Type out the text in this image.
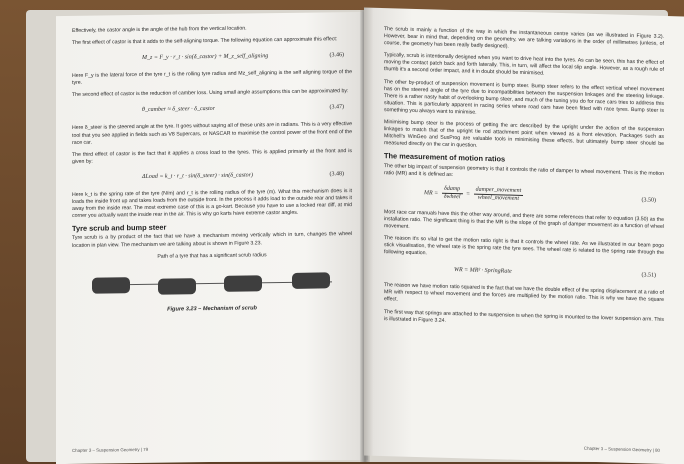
Effectively, the castor angle is the angle of the hub from the vertical location.

The first effect of castor is that it adds to the self-aligning torque. The following equation can approximate this effect:

M_z = F_y · r_t · sin(δ_castor) + M_z_self_aligning	(3.46)

Here F_y is the lateral force of the tyre r_t is the rolling tyre radius and Mz_self_aligning is the self aligning torque of the tyre.

The second effect of castor is the reduction of camber loss. Using small angle assumptions this can be approximated by:

θ_camber ≈ δ_steer · δ_castor	(3.47)

Here δ_steer is the steered angle at the tyre. It goes without saying all of these units are in radians. This is a very effective tool that you see applied in fields such as V8 Supercars, or NASCAR to maximise the control power of the front end of the race car.

The third effect of castor is the fact that it applies a cross load to the tyres. This is applied primarily at the front and is given by:

ΔLoad = k_t · r_t · sin(δ_steer) · sin(δ_castor)	(3.48)

Here k_t is the spring rate of the tyre (N/m) and r_t is the rolling radius of the tyre (m). What this mechanism does is it loads the inside front up and takes loads from the outside front. In the process it adds load to the outside rear and takes it away from the inside rear. The most extreme case of this is a go-kart. Because you have to use a locked rear diff, at mid corner you actually want the inside rear in the air. This is why go karts have extreme castor angles.

Tyre scrub and bump steer

Tyre scrub is a by product of the fact that we have a mechanism moving vertically which in turn, changes the wheel location in plan view. The mechanism we are talking about is shown in Figure 3.23.

Path of a tyre that has a significant scrub radius
Figure 3.23 – Mechanism of scrub
Chapter 3 – Suspension Geometry | 79

The scrub is mainly a function of the way in which the instantaneous centre varies (as we illustrated in Figure 3.2). However, bear in mind that, depending on the geometry, we are talking variations in the order of millimetres (unless, of course, the geometry has been really badly designed).

Typically, scrub is intentionally designed when you want to drive heat into the tyres. As can be seen, this has the effect of moving the contact patch back and forth laterally. This, in turn, will affect the local slip angle. However, as a rough rule of thumb it's a second order impact, and it in doubt should be minimised.

The other by-product of suspension movement is bump steer. Bump steer refers to the effect vertical wheel movement has on the steered angle of the tyre due to incompatibilities between the suspension linkages and the steering linkage. There is a rather nasty habit of overlooking bump steer, and much of the tuning you do for race cars tries to address this situation. This is particularly apparent in racing series where road cars have been fitted with race tyres. Bump steer is something you always want to minimise.

Minimising bump steer is the process of getting the arc described by the upright under the action of the suspension linkages to match that of the upright tie rod attachment point when viewed as a front elevation. Packages such as Mitchell's WinGeo and SusProg are valuable tools in minimising these effects, but ultimately bump steer should be measured directly on the car in question.

The measurement of motion ratios

The other big impact of suspension geometry is that it controls the ratio of damper to wheel movement. This is the motion ratio (MR) and it is defined as:

MR = $\frac{\text{δdamp}}{\text{δwheel}} = \frac{\text{damper\_movement}}{\text{wheel\_movement}}$	(3.50)

Most race car manuals have this the other way around, and there are some references that refer to equation (3.50) as the installation ratio. The significant thing is that the MR is the slope of the graph of damper movement as a function of wheel movement.

The reason it's so vital to get the motion ratio right is that it controls the wheel rate. As we illustrated in our beam pogo stick visualisation, the wheel rate is the spring rate the tyre sees. The wheel rate is related to the spring rate through the following equation.

WR = MR² · SpringRate
(3.51)

The reason we have motion ratio squared is the fact that we have the double effect of the spring displacement at a ratio of MR with respect to wheel movement and the forces are multiplied by the motion ratio. This is why we have the square effect.

The first way that springs are attached to the suspension is when the spring is mounted to the lower suspension arm. This is illustrated in Figure 3.24.

Chapter 3 – Suspension Geometry | 80
